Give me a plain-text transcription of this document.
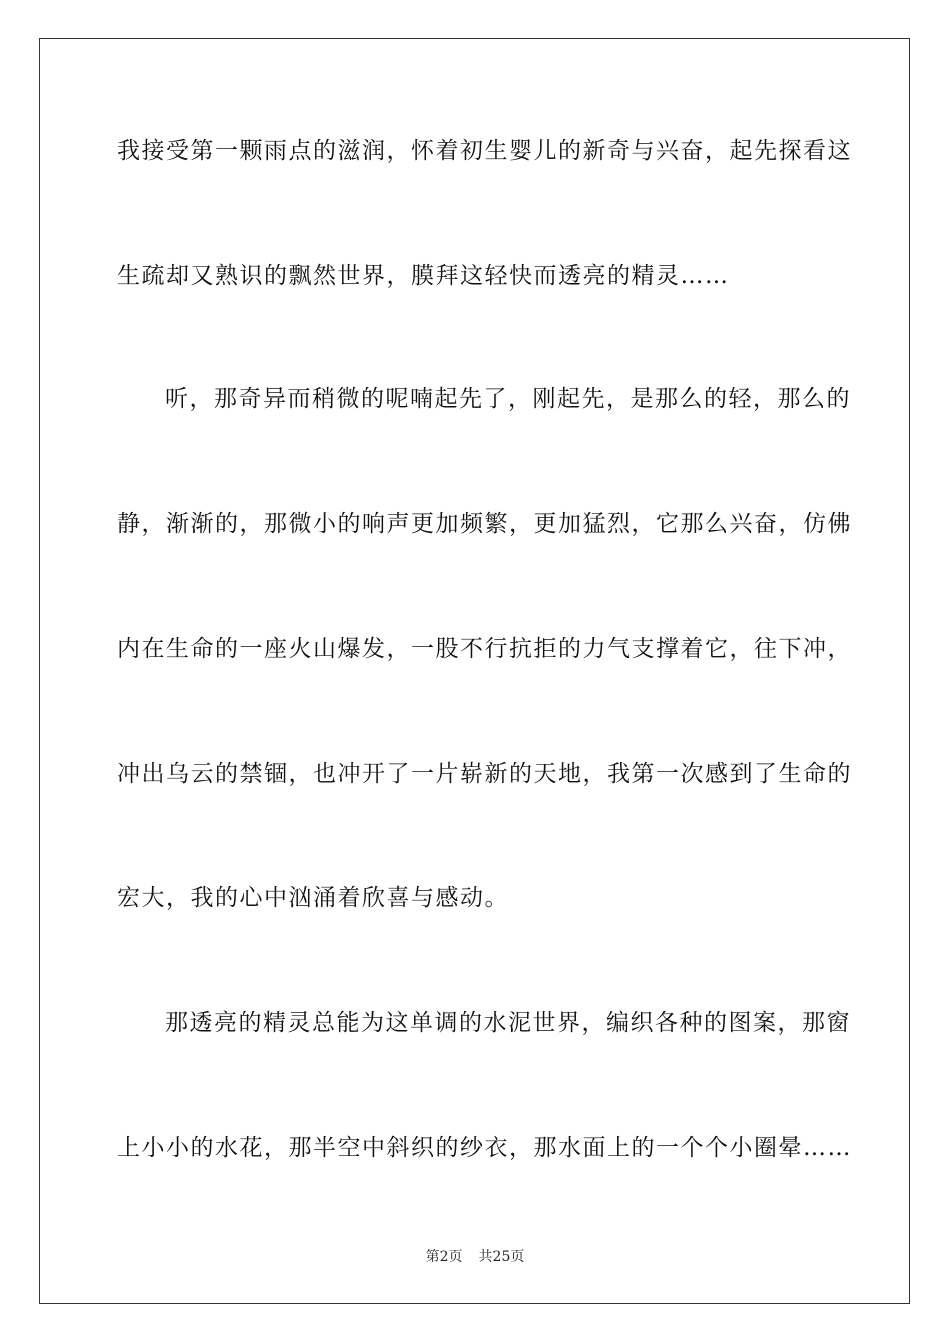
我接受第一颗雨点的滋润，怀着初生婴儿的新奇与兴奋，起先探看这
生疏却又熟识的飘然世界，膜拜这轻快而透亮的精灵……
听，那奇异而稍微的呢喃起先了，刚起先，是那么的轻，那么的
静，渐渐的，那微小的响声更加频繁，更加猛烈，它那么兴奋，仿佛
内在生命的一座火山爆发，一股不行抗拒的力气支撑着它，往下冲，
冲出乌云的禁锢，也冲开了一片崭新的天地，我第一次感到了生命的
宏大，我的心中汹涌着欣喜与感动。
那透亮的精灵总能为这单调的水泥世界，编织各种的图案，那窗
上小小的水花，那半空中斜织的纱衣，那水面上的一个个小圈晕……
第2页 共25页
